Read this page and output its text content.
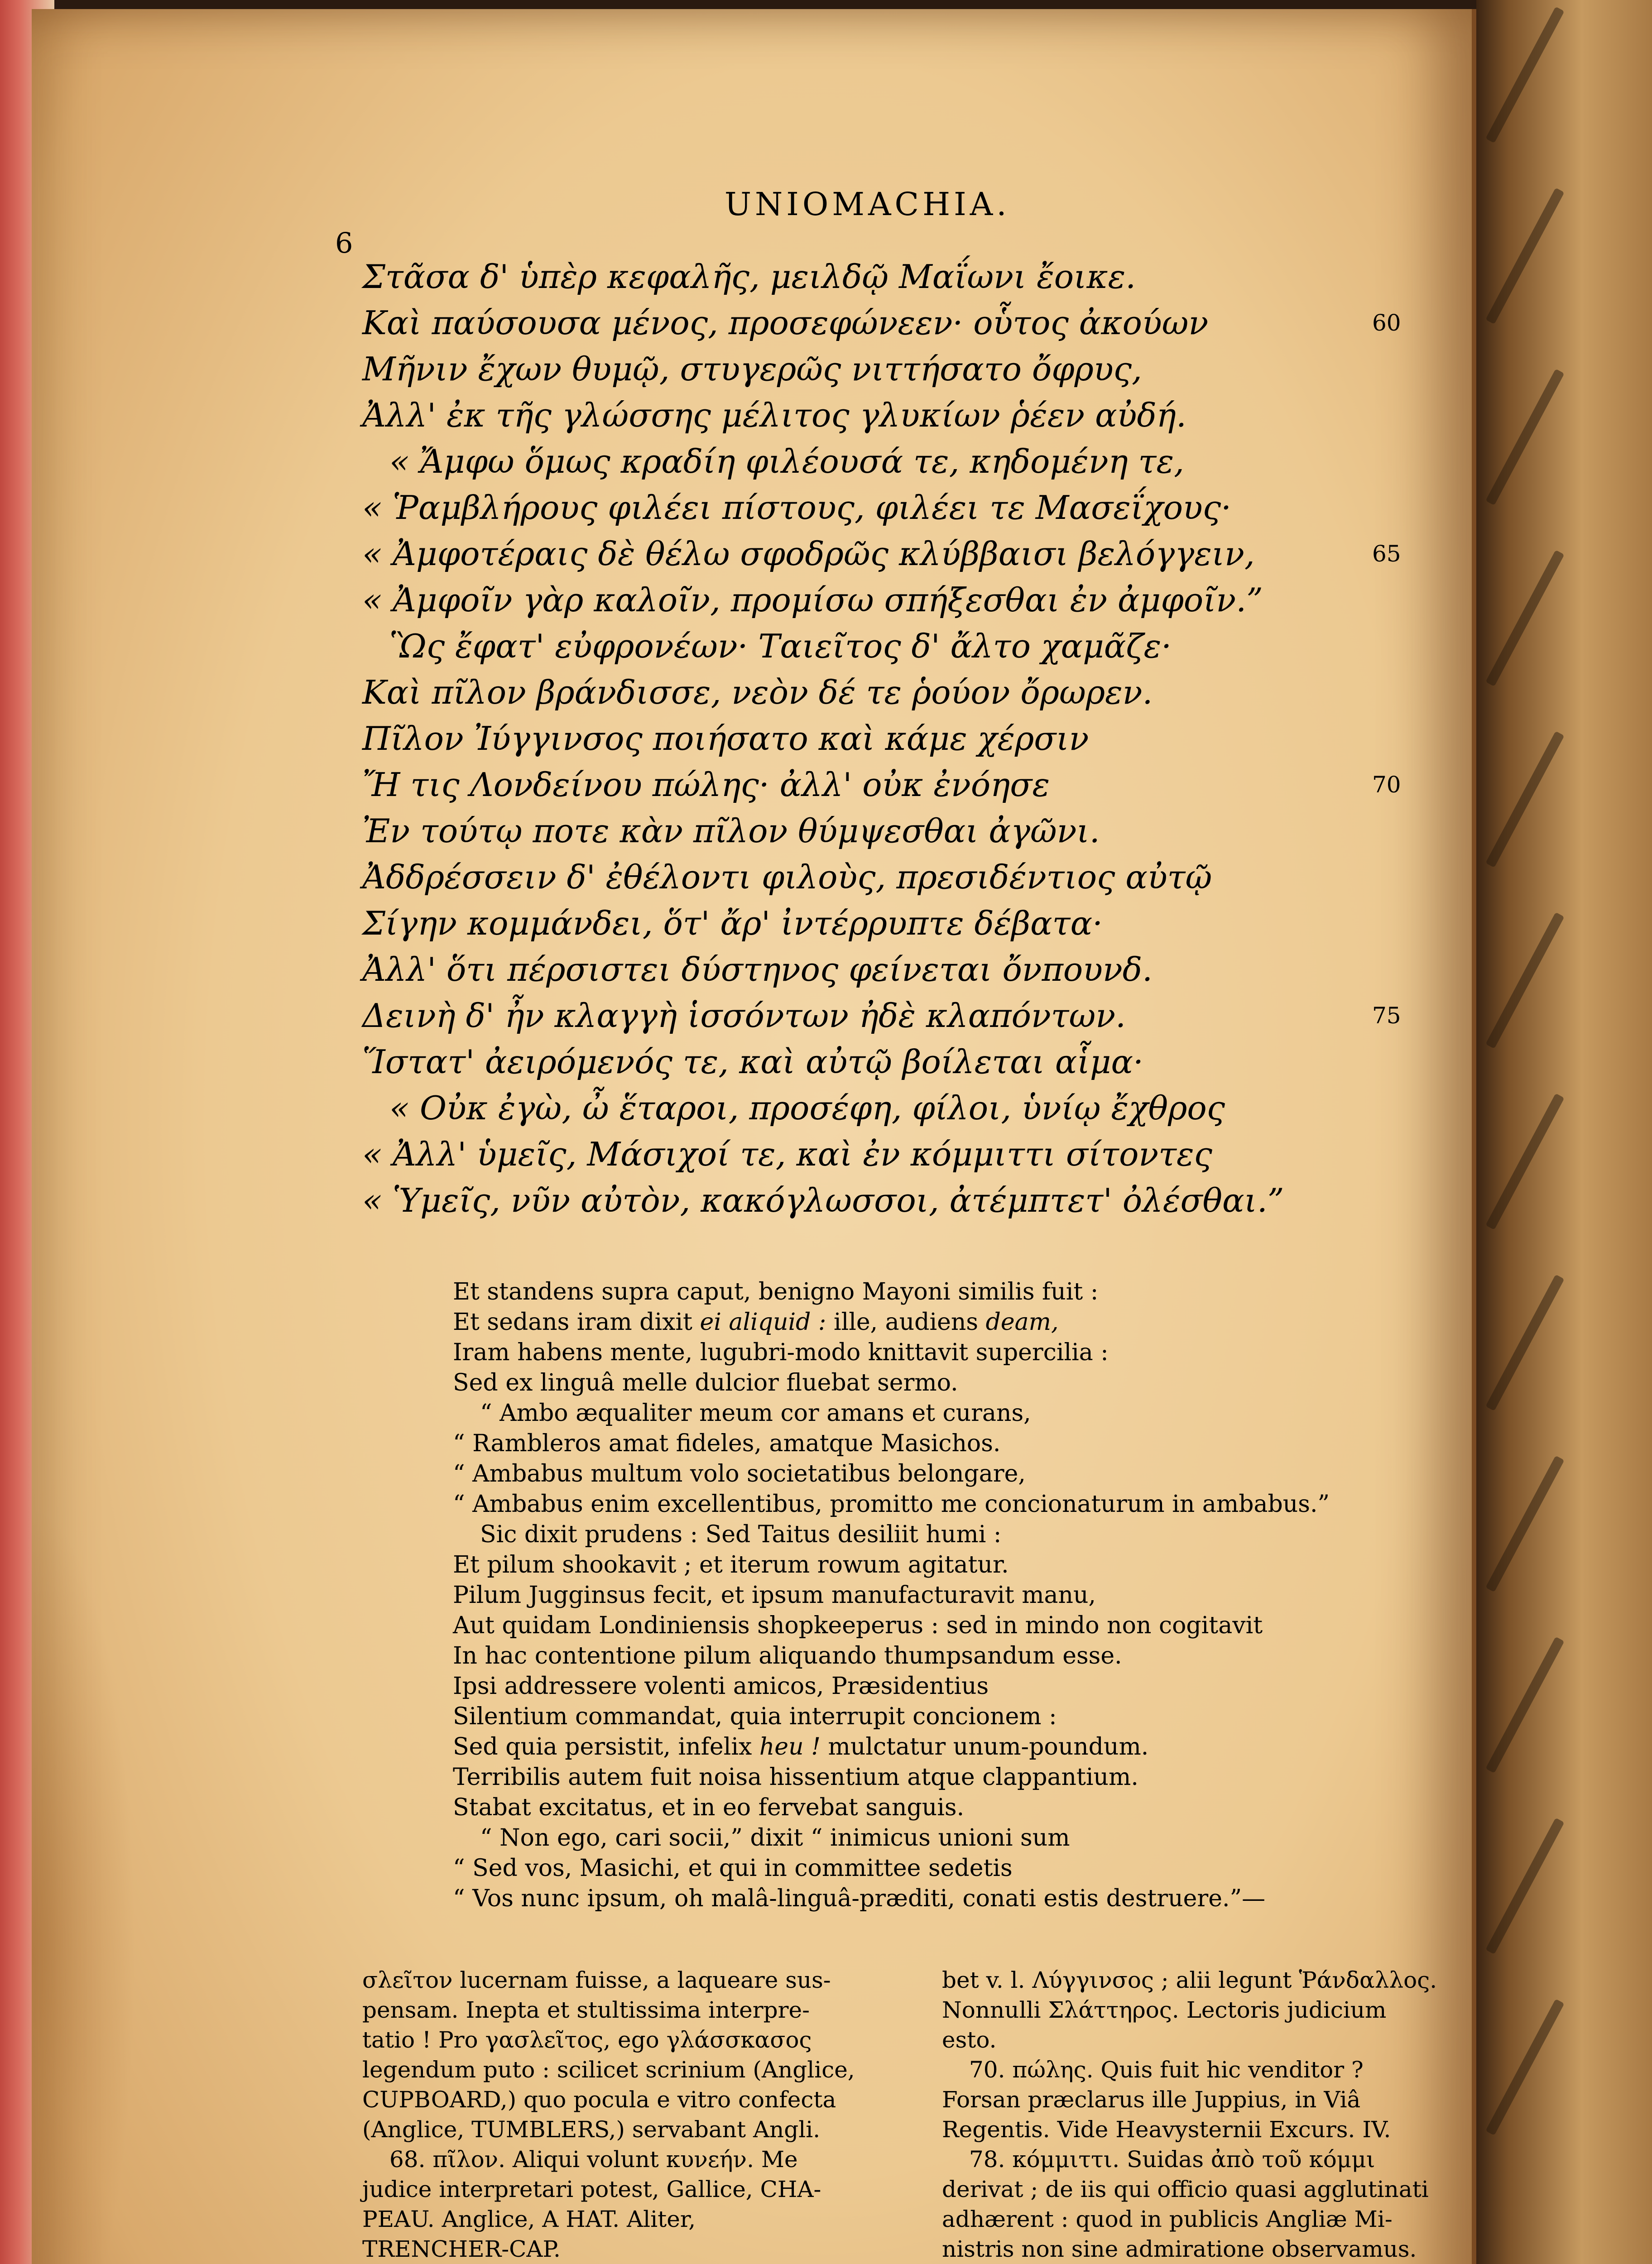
6
UNIOMACHIA.
Στᾶσα δ' ὑπὲρ κεφαλῆς, μειλδῷ Μαΐωνι ἔοικε.
Καὶ παύσουσα μένος, προσεφώνεεν· οὗτος ἀκούων	60
Μῆνιν ἔχων θυμῷ, στυγερῶς νιττήσατο ὄφρυς,
Ἀλλ' ἐκ τῆς γλώσσης μέλιτος γλυκίων ῥέεν αὐδή.
« Ἄμφω ὅμως κραδίη φιλέουσά τε, κηδομένη τε,
« Ῥαμβλήρους φιλέει πίστους, φιλέει τε Μασεΐχους·
« Ἀμφοτέραις δὲ θέλω σφοδρῶς κλύββαισι βελόγγειν,	65
« Ἀμφοῖν γὰρ καλοῖν, προμίσω σπήξεσθαι ἐν ἀμφοῖν.”
Ὣς ἔφατ' εὐφρονέων· Ταιεῖτος δ' ἄλτο χαμᾶζε·
Καὶ πῖλον βράνδισσε, νεὸν δέ τε ῥούον ὄρωρεν.
Πῖλον Ἰύγγινσος ποιήσατο καὶ κάμε χέρσιν
Ἤ τις Λονδείνου πώλης· ἀλλ' οὐκ ἐνόησε	70
Ἐν τούτῳ ποτε κὰν πῖλον θύμψεσθαι ἀγῶνι.
Ἀδδρέσσειν δ' ἐθέλοντι φιλοὺς, πρεσιδέντιος αὐτῷ
Σίγην κομμάνδει, ὅτ' ἄρ' ἰντέρρυπτε δέβατα·
Ἀλλ' ὅτι πέρσιστει δύστηνος φείνεται ὄνπουνδ.
Δεινὴ δ' ἦν κλαγγὴ ἱσσόντων ἠδὲ κλαπόντων.	75
Ἵστατ' ἀειρόμενός τε, καὶ αὐτῷ βοίλεται αἷμα·
« Οὐκ ἐγὼ, ὦ ἕταροι, προσέφη, φίλοι, ὑνίῳ ἔχθρος
« Ἀλλ' ὑμεῖς, Μάσιχοί τε, καὶ ἐν κόμμιττι σίτοντες
« Ὑμεῖς, νῦν αὐτὸν, κακόγλωσσοι, ἀτέμπτετ' ὀλέσθαι.”
Et standens supra caput, benigno Mayoni similis fuit :
Et sedans iram dixit ei aliquid : ille, audiens deam,
Iram habens mente, lugubri-modo knittavit supercilia :
Sed ex linguâ melle dulcior fluebat sermo.
“ Ambo æqualiter meum cor amans et curans,
“ Rambleros amat fideles, amatque Masichos.
“ Ambabus multum volo societatibus belongare,
“ Ambabus enim excellentibus, promitto me concionaturum in ambabus.”
Sic dixit prudens : Sed Taitus desiliit humi :
Et pilum shookavit ; et iterum rowum agitatur.
Pilum Jugginsus fecit, et ipsum manufacturavit manu,
Aut quidam Londiniensis shopkeeperus : sed in mindo non cogitavit
In hac contentione pilum aliquando thumpsandum esse.
Ipsi addressere volenti amicos, Præsidentius
Silentium commandat, quia interrupit concionem :
Sed quia persistit, infelix heu ! mulctatur unum-poundum.
Terribilis autem fuit noisa hissentium atque clappantium.
Stabat excitatus, et in eo fervebat sanguis.
“ Non ego, cari socii,” dixit “ inimicus unioni sum
“ Sed vos, Masichi, et qui in committee sedetis
“ Vos nunc ipsum, oh malâ-linguâ-præditi, conati estis destruere.”—
σλεῖτον lucernam fuisse, a laqueare sus-
pensam. Inepta et stultissima interpre-
tatio ! Pro γασλεῖτος, ego γλάσσκασος
legendum puto : scilicet scrinium (Anglice,
CUPBOARD,) quo pocula e vitro confecta
(Anglice, TUMBLERS,) servabant Angli.
68. πῖλον. Aliqui volunt κυνεήν. Me
judice interpretari potest, Gallice, CHA-
PEAU. Anglice, A HAT. Aliter,
TRENCHER-CAP.
bet v. l. Λύγγινσος ; alii legunt Ῥάνδαλλος.
Nonnulli Σλάττηρος. Lectoris judicium
esto.
70. πώλης. Quis fuit hic venditor ?
Forsan præclarus ille Juppius, in Viâ
Regentis. Vide Heavysternii Excurs. IV.
78. κόμμιττι. Suidas ἀπὸ τοῦ κόμμι
derivat ; de iis qui officio quasi agglutinati
adhærent : quod in publicis Angliæ Mi-
nistris non sine admiratione observamus.
